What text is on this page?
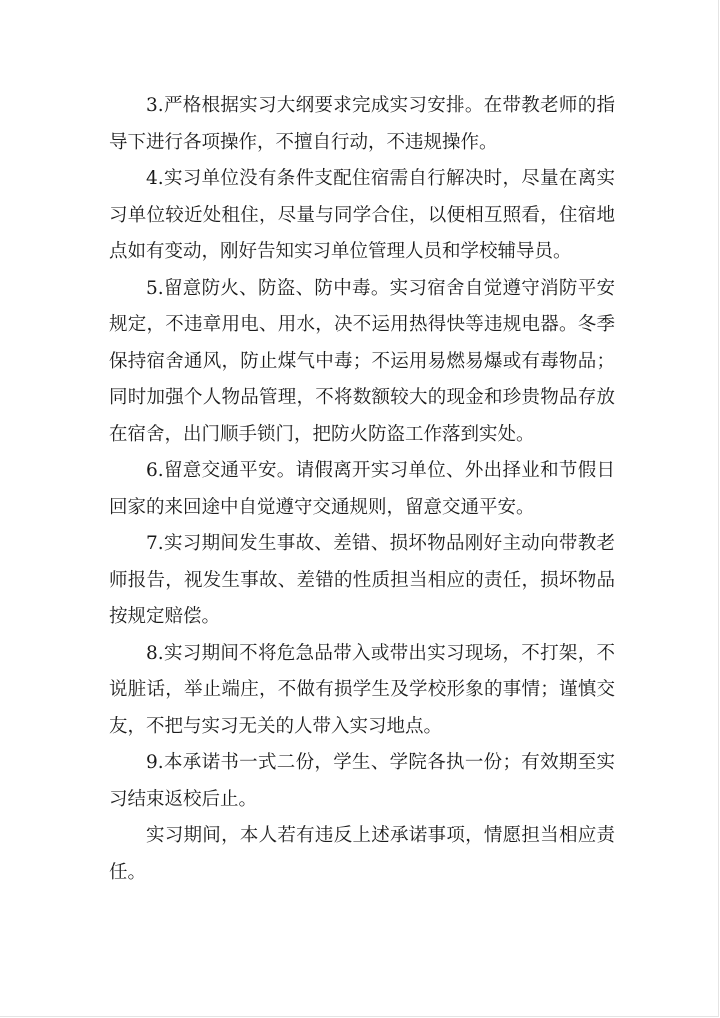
3.严格根据实习大纲要求完成实习安排。在带教老师的指导下进行各项操作，不擅自行动，不违规操作。

4.实习单位没有条件支配住宿需自行解决时，尽量在离实习单位较近处租住，尽量与同学合住，以便相互照看，住宿地点如有变动，刚好告知实习单位管理人员和学校辅导员。

5.留意防火、防盗、防中毒。实习宿舍自觉遵守消防平安规定，不违章用电、用水，决不运用热得快等违规电器。冬季保持宿舍通风，防止煤气中毒；不运用易燃易爆或有毒物品；同时加强个人物品管理，不将数额较大的现金和珍贵物品存放在宿舍，出门顺手锁门，把防火防盗工作落到实处。

6.留意交通平安。请假离开实习单位、外出择业和节假日回家的来回途中自觉遵守交通规则，留意交通平安。

7.实习期间发生事故、差错、损坏物品刚好主动向带教老师报告，视发生事故、差错的性质担当相应的责任，损坏物品按规定赔偿。

8.实习期间不将危急品带入或带出实习现场，不打架，不说脏话，举止端庄，不做有损学生及学校形象的事情；谨慎交友，不把与实习无关的人带入实习地点。

9.本承诺书一式二份，学生、学院各执一份；有效期至实习结束返校后止。

实习期间，本人若有违反上述承诺事项，情愿担当相应责任。
